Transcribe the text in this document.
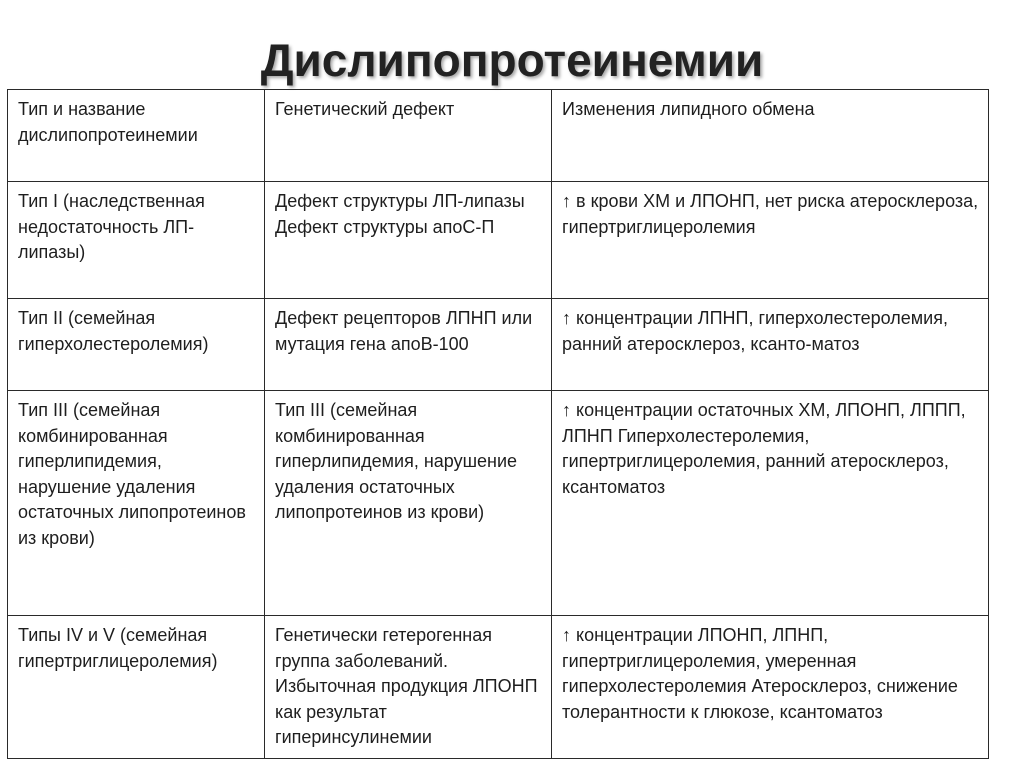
Дислипопротеинемии
Тип и название дислипопротеинемии	Генетический дефект	Изменения липидного обмена
Тип I (наследственная недостаточность ЛП-липазы)	Дефект структуры ЛП-липазы Дефект структуры апоС-П	↑ в крови ХМ и ЛПОНП, нет риска атеросклероза, гипертриглицеролемия
Тип II (семейная гиперхолестеролемия)	Дефект рецепторов ЛПНП или мутация гена апоВ-100	↑ концентрации ЛПНП, гиперхолестеролемия, ранний атеросклероз, ксанто-матоз
Тип III (семейная комбинированная гиперлипидемия, нарушение удаления остаточных липопротеинов из крови)	Тип III (семейная комбинированная гиперлипидемия, нарушение удаления остаточных липопротеинов из крови)	↑ концентрации остаточных ХМ, ЛПОНП, ЛППП, ЛПНП Гиперхолестеролемия, гипертриглицеролемия, ранний атеросклероз, ксантоматоз
Типы IV и V (семейная гипертриглицеролемия)	Генетически гетерогенная группа заболеваний. Избыточная продукция ЛПОНП как результат гиперинсулинемии	↑ концентрации ЛПОНП, ЛПНП, гипертриглицеролемия, умеренная гиперхолестеролемия Атеросклероз, снижение толерантности к глюкозе, ксантоматоз
